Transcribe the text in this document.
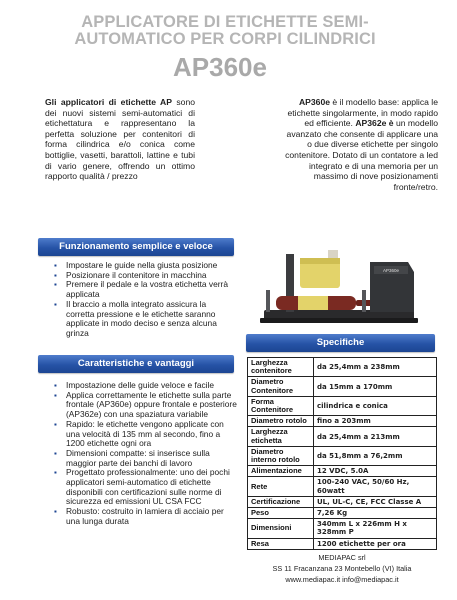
APPLICATORE DI ETICHETTE SEMI-AUTOMATICO PER CORPI CILINDRICI
AP360e
Gli applicatori di etichette AP sono dei nuovi sistemi semi-automatici di etichettatura e rappresentano la perfetta soluzione per contenitori di forma cilindrica e/o conica come bottiglie, vasetti, barattoli, lattine e tubi di vario genere, offrendo un ottimo rapporto qualità / prezzo
AP360e è il modello base: applica le etichette singolarmente, in modo rapido ed efficiente. AP362e è un modello avanzato che consente di applicare una o due diverse etichette per singolo contenitore. Dotato di un contatore a led integrato e di una memoria per un massimo di nove posizionamenti fronte/retro.
Funzionamento semplice e veloce
▪ Impostare le guide nella giusta posizione
▪ Posizionare il contenitore in macchina
▪ Premere il pedale e la vostra etichetta verrà applicata
▪ Il braccio a molla integrato assicura la corretta pressione e le etichette saranno applicate in modo deciso e senza alcuna grinza
Caratteristiche e vantaggi
▪ Impostazione delle guide veloce e facile
▪ Applica correttamente le etichette sulla parte frontale (AP360e) oppure frontale e posteriore (AP362e) con una spaziatura variabile
▪ Rapido: le etichette vengono applicate con una velocità di 135 mm al secondo, fino a 1200 etichette ogni ora
▪ Dimensioni compatte: si inserisce sulla maggior parte dei banchi di lavoro
▪ Progettato professionalmente: uno dei pochi applicatori semi-automatico di etichette disponibili con certificazioni sulle norme di sicurezza ed emissioni UL CSA FCC
▪ Robusto: costruito in lamiera di acciaio per una lunga durata
AP360e
Specifiche
Larghezza contenitore	da 25,4mm a 238mm
Diametro Contenitore	da 15mm a 170mm
Forma Contenitore	cilindrica e conica
Diametro rotolo	fino a 203mm
Larghezza etichetta	da 25,4mm a 213mm
Diametro interno rotolo	da 51,8mm a 76,2mm
Alimentazione	12 VDC, 5.0A
Rete	100-240 VAC, 50/60 Hz, 60watt
Certificazione	UL, UL-C, CE, FCC Classe A
Peso	7,26 Kg
Dimensioni	340mm L x 226mm H x 328mm P
Resa	1200 etichette per ora
MEDIAPAC srl
SS 11 Fracanzana 23 Montebello (VI) Italia
www.mediapac.it info@mediapac.it
